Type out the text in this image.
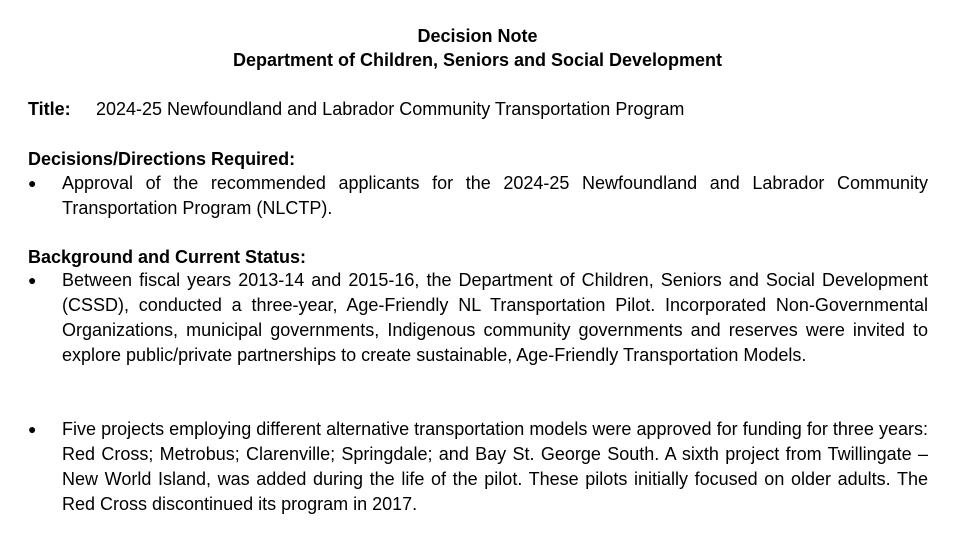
Decision Note
Department of Children, Seniors and Social Development
Title: 2024-25 Newfoundland and Labrador Community Transportation Program
Decisions/Directions Required:
●	Approval of the recommended applicants for the 2024-25 Newfoundland and Labrador Community Transportation Program (NLCTP).
Background and Current Status:
●	Between fiscal years 2013-14 and 2015-16, the Department of Children, Seniors and Social Development (CSSD), conducted a three-year, Age-Friendly NL Transportation Pilot. Incorporated Non-Governmental Organizations, municipal governments, Indigenous community governments and reserves were invited to explore public/private partnerships to create sustainable, Age-Friendly Transportation Models.
●	Five projects employing different alternative transportation models were approved for funding for three years: Red Cross; Metrobus; Clarenville; Springdale; and Bay St. George South. A sixth project from Twillingate – New World Island, was added during the life of the pilot. These pilots initially focused on older adults. The Red Cross discontinued its program in 2017.
